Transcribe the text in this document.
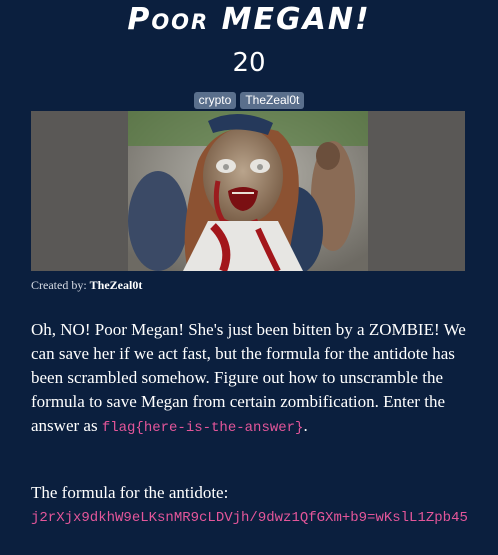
Poor MEGAN!
20
crypto TheZeal0t
Created by: TheZeal0t
Oh, NO! Poor Megan! She's just been bitten by a ZOMBIE! We can save her if we act fast, but the formula for the antidote has been scrambled somehow. Figure out how to unscramble the formula to save Megan from certain zombification. Enter the answer as flag{here-is-the-answer}.
The formula for the antidote:
j2rXjx9dkhW9eLKsnMR9cLDVjh/9dwz1QfGXm+b9=wKslL1Zpb45
